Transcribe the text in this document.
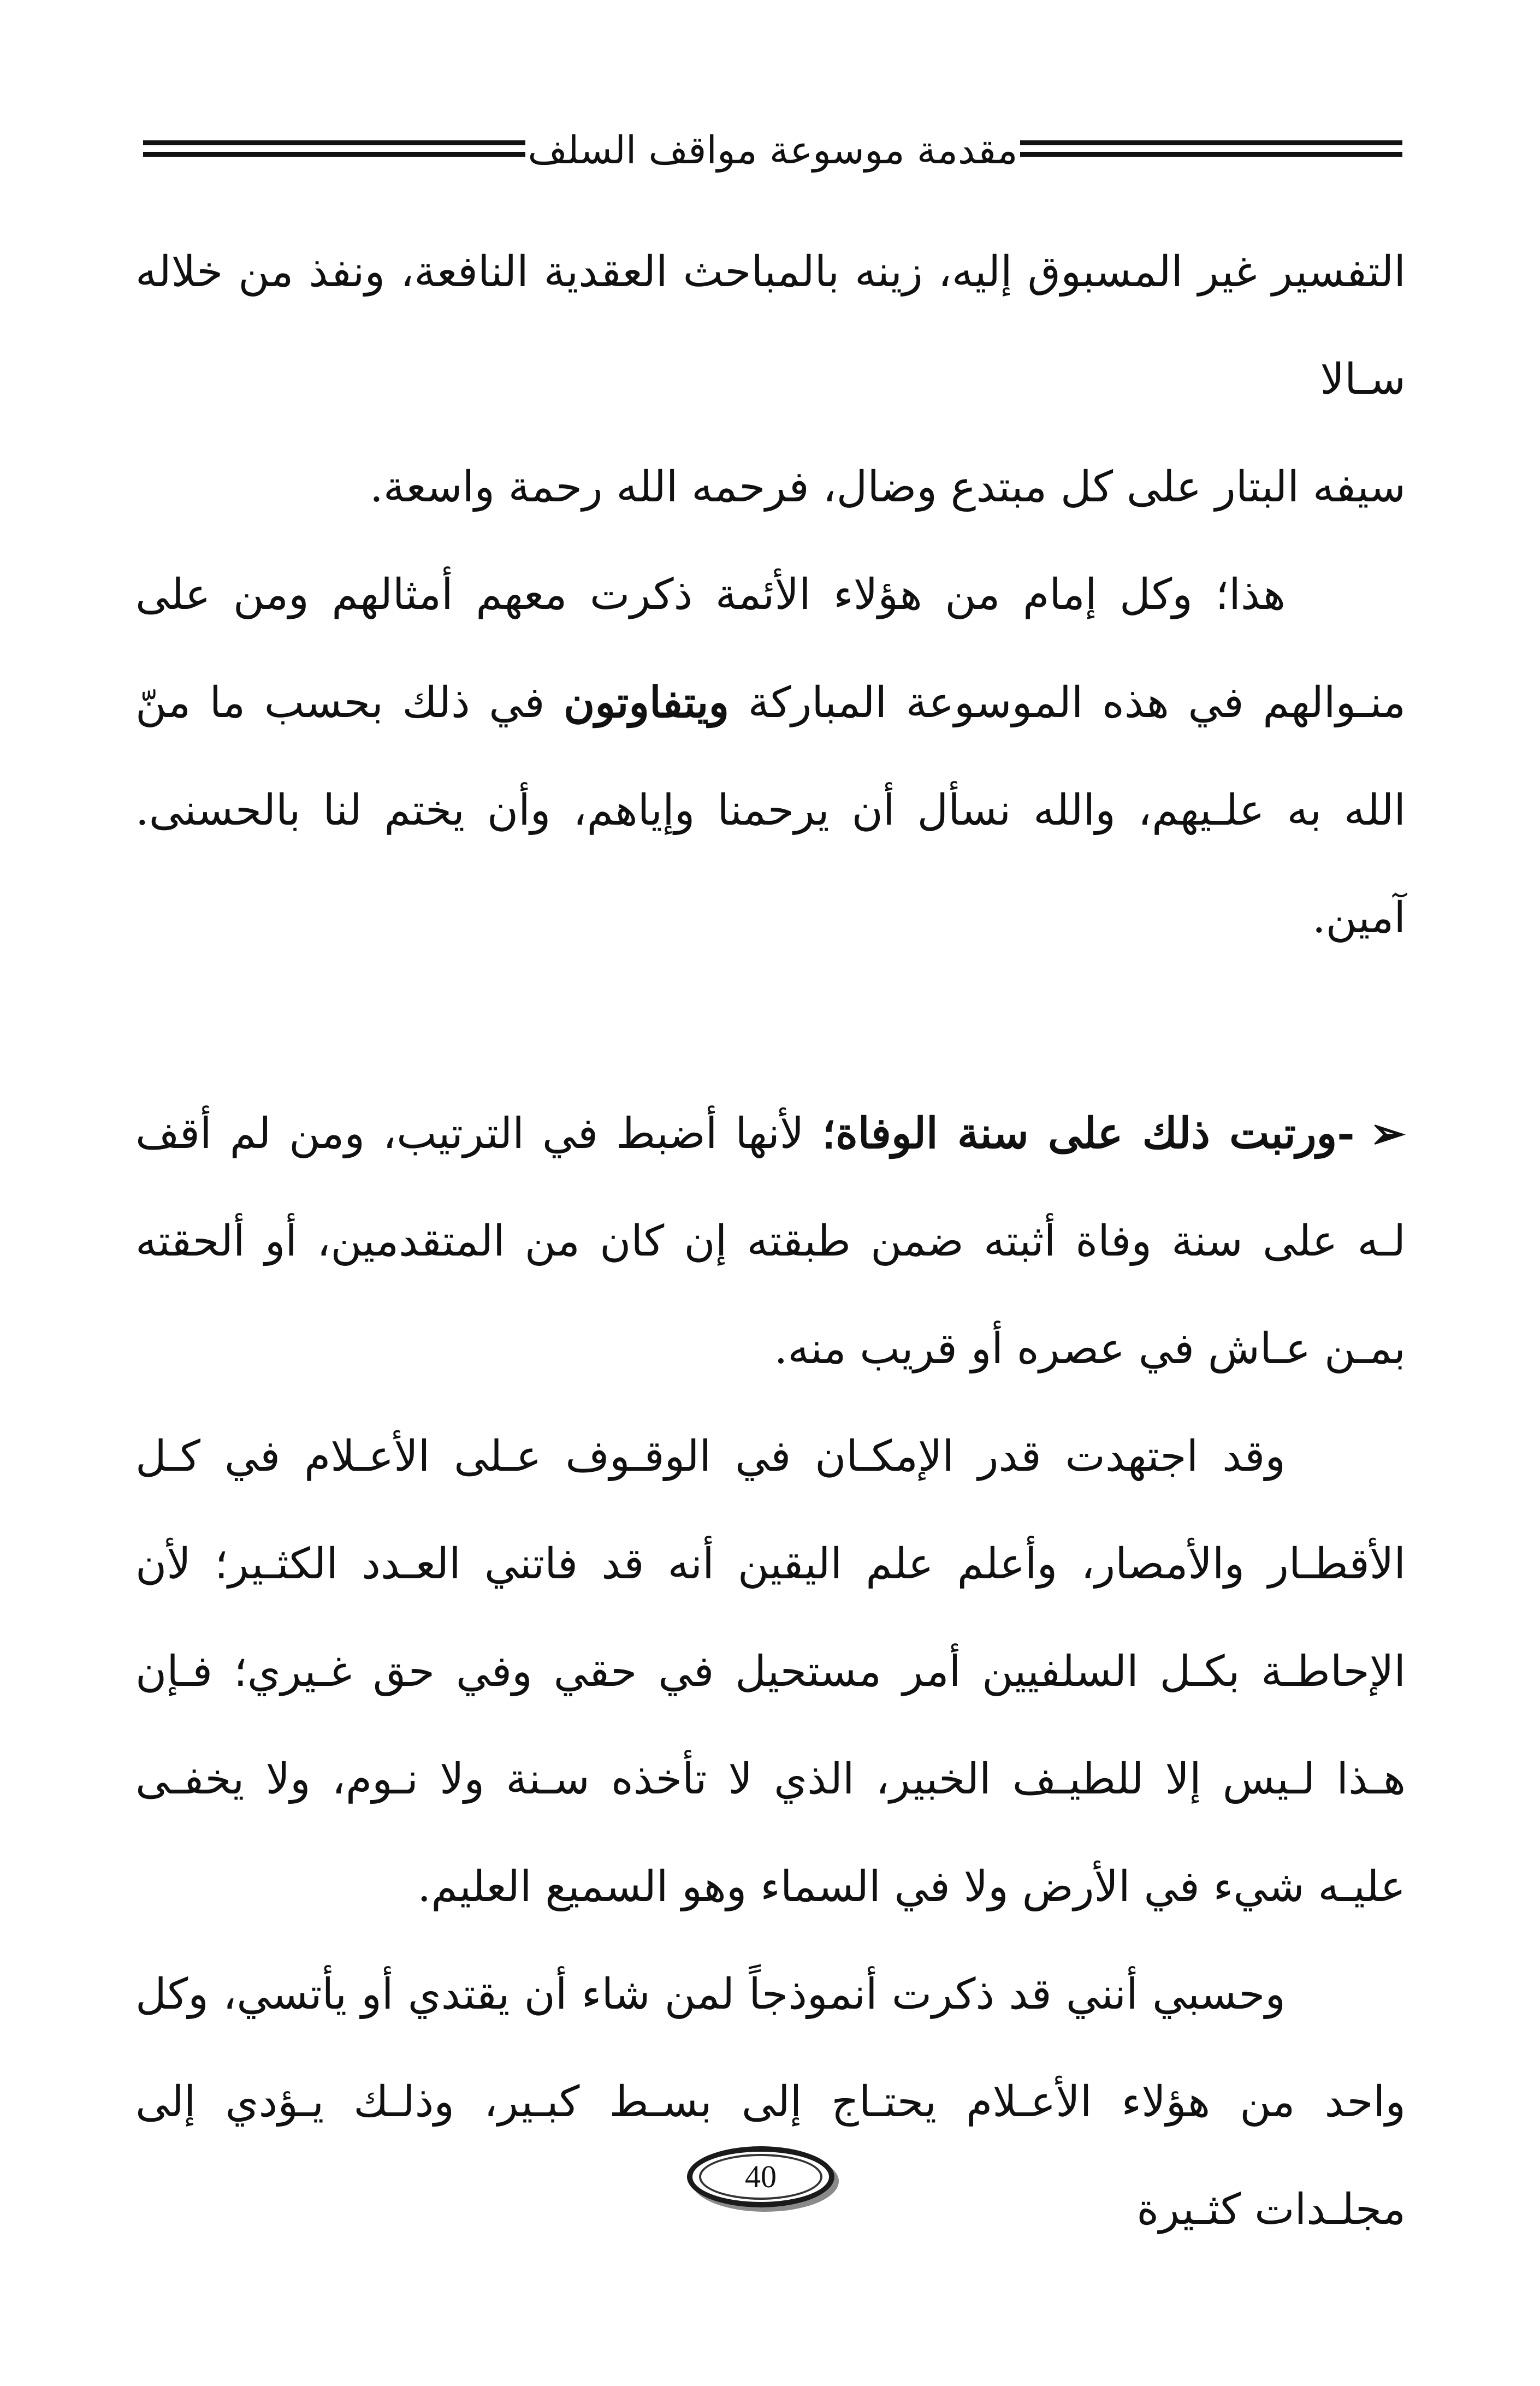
مقدمة موسوعة مواقف السلف

التفسير غير المسبوق إليه، زينه بالمباحث العقدية النافعة، ونفذ من خلاله سـالا

سيفه البتار على كل مبتدع وضال، فرحمه الله رحمة واسعة.

هذا؛ وكل إمام من هؤلاء الأئمة ذكرت معهم أمثالهم ومن على منـوالهم في هذه الموسوعة المباركة ويتفاوتون في ذلك بحسب ما منّ الله به علـيهم، والله نسأل أن يرحمنا وإياهم، وأن يختم لنا بالحسنى. آمين.

➢-ورتبت ذلك على سنة الوفاة؛ لأنها أضبط في الترتيب، ومن لم أقف لـه على سنة وفاة أثبته ضمن طبقته إن كان من المتقدمين، أو ألحقته بمـن عـاش في عصره أو قريب منه.

وقد اجتهدت قدر الإمكـان في الوقـوف عـلى الأعـلام في كـل الأقطـار والأمصار، وأعلم علم اليقين أنه قد فاتني العـدد الكثـير؛ لأن الإحاطـة بكـل السلفيين أمر مستحيل في حقي وفي حق غـيري؛ فـإن هـذا لـيس إلا للطيـف الخبير، الذي لا تأخذه سـنة ولا نـوم، ولا يخفـى عليـه شيء في الأرض ولا في السماء وهو السميع العليم.

وحسبي أنني قد ذكرت أنموذجاً لمن شاء أن يقتدي أو يأتسي، وكل واحد من هؤلاء الأعـلام يحتـاج إلى بسـط كبـير، وذلـك يـؤدي إلى مجلـدات كثـيرة

40
